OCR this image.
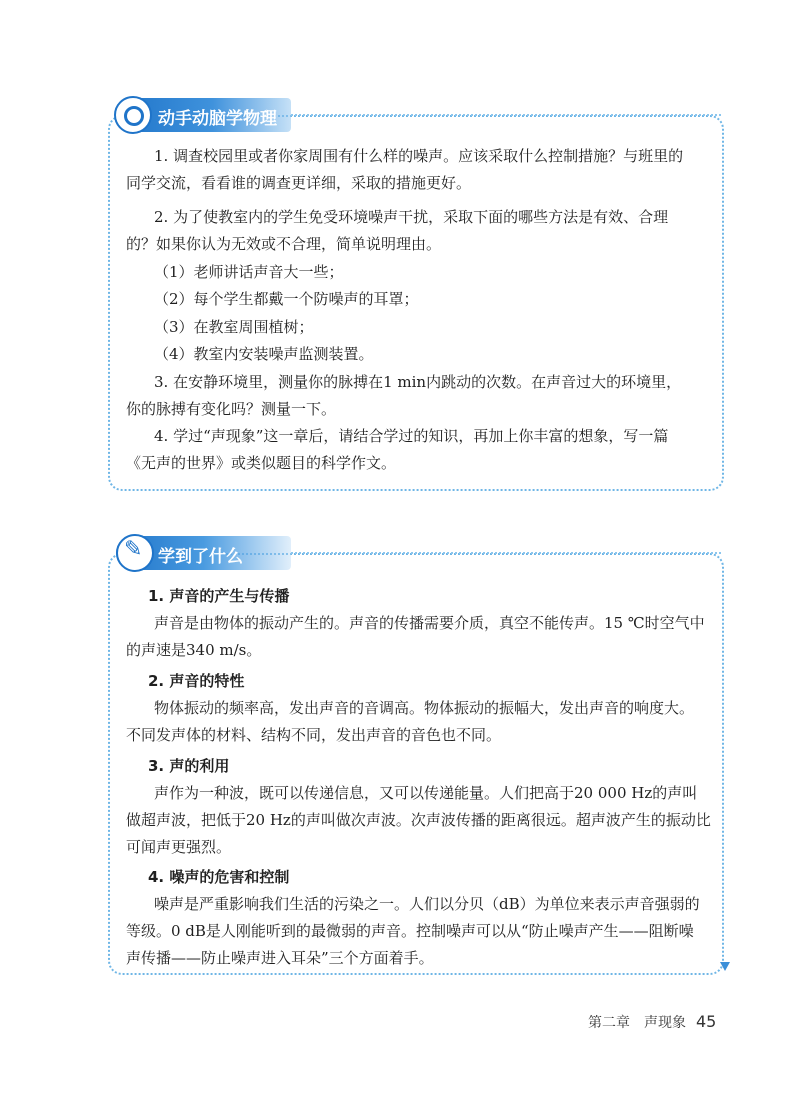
动手动脑学物理
1. 调查校园里或者你家周围有什么样的噪声。应该采取什么控制措施？与班里的
同学交流，看看谁的调查更详细，采取的措施更好。
2. 为了使教室内的学生免受环境噪声干扰，采取下面的哪些方法是有效、合理
的？如果你认为无效或不合理，简单说明理由。
（1）老师讲话声音大一些；
（2）每个学生都戴一个防噪声的耳罩；
（3）在教室周围植树；
（4）教室内安装噪声监测装置。
3. 在安静环境里，测量你的脉搏在1 min内跳动的次数。在声音过大的环境里，
你的脉搏有变化吗？测量一下。
4. 学过“声现象”这一章后，请结合学过的知识，再加上你丰富的想象，写一篇
《无声的世界》或类似题目的科学作文。
✎
学到了什么
1. 声音的产生与传播
声音是由物体的振动产生的。声音的传播需要介质，真空不能传声。15 ℃时空气中
的声速是340 m/s。
2. 声音的特性
物体振动的频率高，发出声音的音调高。物体振动的振幅大，发出声音的响度大。
不同发声体的材料、结构不同，发出声音的音色也不同。
3. 声的利用
声作为一种波，既可以传递信息，又可以传递能量。人们把高于20 000 Hz的声叫
做超声波，把低于20 Hz的声叫做次声波。次声波传播的距离很远。超声波产生的振动比
可闻声更强烈。
4. 噪声的危害和控制
噪声是严重影响我们生活的污染之一。人们以分贝（dB）为单位来表示声音强弱的
等级。0 dB是人刚能听到的最微弱的声音。控制噪声可以从“防止噪声产生——阻断噪
声传播——防止噪声进入耳朵”三个方面着手。
第二章　声现象 45
